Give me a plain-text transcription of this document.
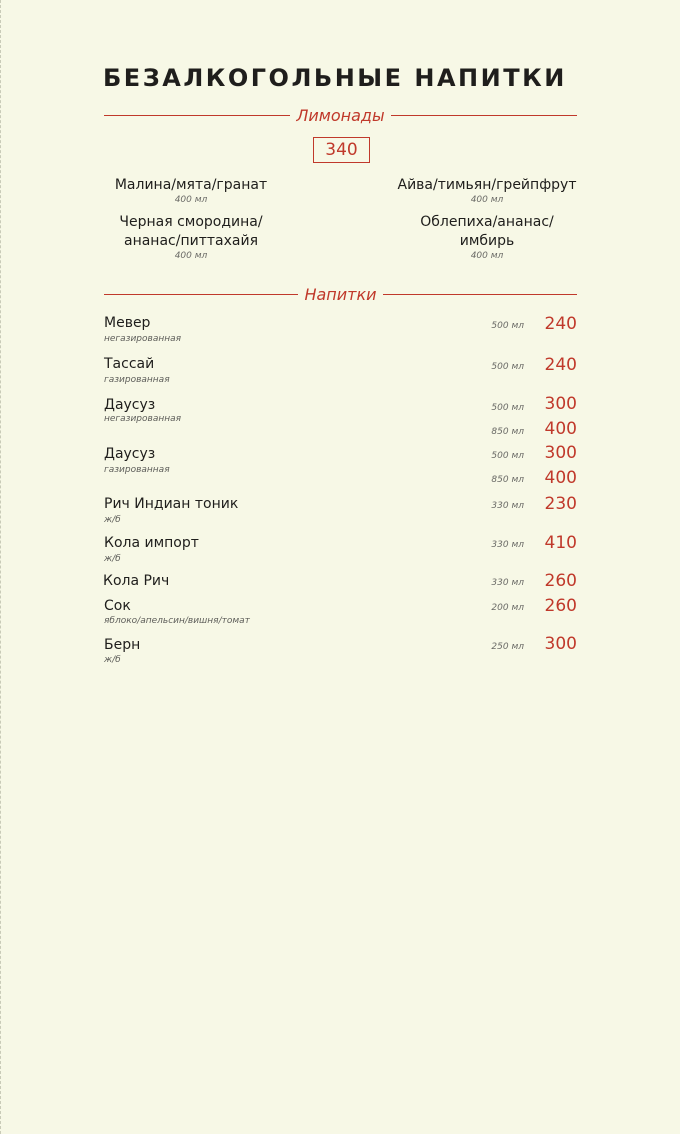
БЕЗАЛКОГОЛЬНЫЕ НАПИТКИ
Лимонады
340
Малина/мята/гранат
400 мл
Айва/тимьян/грейпфрут
400 мл
Черная смородина/
ананас/питтахайя
400 мл
Облепиха/ананас/
имбирь
400 мл
Напитки
Мевер
негазированная
500 мл 240
Тассай
газированная
500 мл 240
Даусуз
негазированная
500 мл 300
850 мл 400
Даусуз
газированная
500 мл 300
850 мл 400
Рич Индиан тоник
ж/б
330 мл 230
Кола импорт
ж/б
330 мл 410
Кола Рич	330 мл 260
Сок
яблоко/апельсин/вишня/томат
200 мл 260
Берн
ж/б
250 мл 300
